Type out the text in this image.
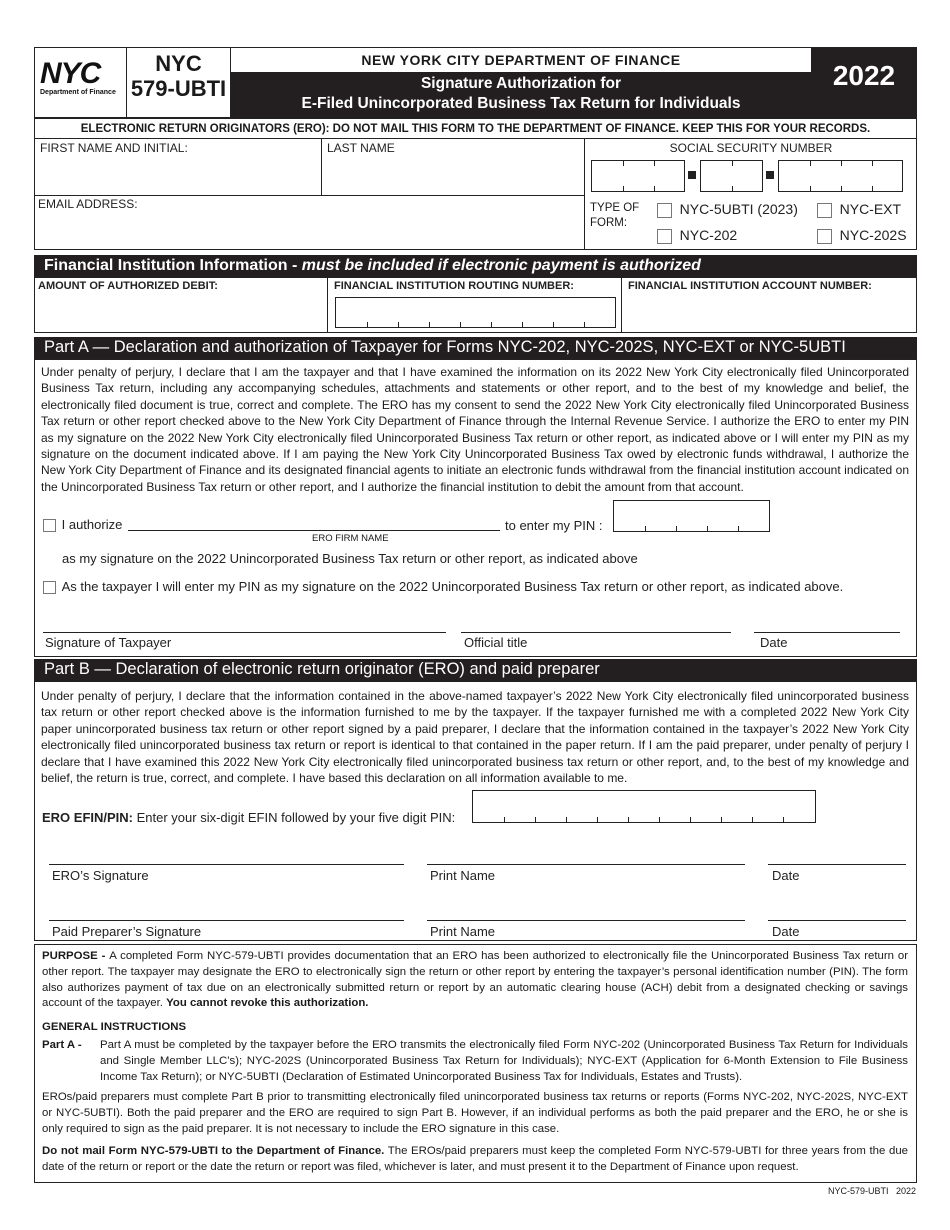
NYC
Department of Finance
NYC
579-UBTI
NEW YORK CITY DEPARTMENT OF FINANCE
Signature Authorization for
E-Filed Unincorporated Business Tax Return for Individuals
2022
ELECTRONIC RETURN ORIGINATORS (ERO): DO NOT MAIL THIS FORM TO THE DEPARTMENT OF FINANCE. KEEP THIS FOR YOUR RECORDS.
FIRST NAME AND INITIAL:	LAST NAME	SOCIAL SECURITY NUMBER
EMAIL ADDRESS:	TYPE OF
FORM:
NYC-5UBTI (2023)	NYC-EXT
NYC-202	NYC-202S
Financial Institution Information - must be included if electronic payment is authorized
AMOUNT OF AUTHORIZED DEBIT:	FINANCIAL INSTITUTION ROUTING NUMBER:	FINANCIAL INSTITUTION ACCOUNT NUMBER:
Part A — Declaration and authorization of Taxpayer for Forms NYC-202, NYC-202S, NYC-EXT or NYC-5UBTI
Under penalty of perjury, I declare that I am the taxpayer and that I have examined the information on its 2022 New York City electronically filed Unincorporated Business Tax return, including any accompanying schedules, attachments and statements or other report, and to the best of my knowledge and belief, the electronically filed document is true, correct and complete. The ERO has my consent to send the 2022 New York City electronically filed Unincorporated Business Tax return or other report checked above to the New York City Department of Finance through the Internal Revenue Service. I authorize the ERO to enter my PIN as my signature on the 2022 New York City electronically filed Unincorporated Business Tax return or other report, as indicated above or I will enter my PIN as my signature on the document indicated above. If I am paying the New York City Unincorporated Business Tax owed by electronic funds withdrawal, I authorize the New York City Department of Finance and its designated financial agents to initiate an electronic funds withdrawal from the financial institution account indicated on the Unincorporated Business Tax return or other report, and I authorize the financial institution to debit the amount from that account.
I authorize
ERO FIRM NAME
to enter my PIN :
as my signature on the 2022 Unincorporated Business Tax return or other report, as indicated above
As the taxpayer I will enter my PIN as my signature on the 2022 Unincorporated Business Tax return or other report, as indicated above.
Signature of Taxpayer	Official title	Date
Part B — Declaration of electronic return originator (ERO) and paid preparer
Under penalty of perjury, I declare that the information contained in the above-named taxpayer’s 2022 New York City electronically filed unincorporated business tax return or other report checked above is the information furnished to me by the taxpayer. If the taxpayer furnished me with a completed 2022 New York City paper unincorporated business tax return or other report signed by a paid preparer, I declare that the information contained in the taxpayer’s 2022 New York City electronically filed unincorporated business tax return or report is identical to that contained in the paper return. If I am the paid preparer, under penalty of perjury I declare that I have examined this 2022 New York City electronically filed unincorporated business tax return or other report, and, to the best of my knowledge and belief, the return is true, correct, and complete. I have based this declaration on all information available to me.
ERO EFIN/PIN: Enter your six-digit EFIN followed by your five digit PIN:
ERO’s Signature	Print Name	Date
Paid Preparer’s Signature	Print Name	Date
PURPOSE - A completed Form NYC-579-UBTI provides documentation that an ERO has been authorized to electronically file the Unincorporated Business Tax return or other report. The taxpayer may designate the ERO to electronically sign the return or other report by entering the taxpayer’s personal identification number (PIN). The form also authorizes payment of tax due on an electronically submitted return or report by an automatic clearing house (ACH) debit from a designated checking or savings account of the taxpayer. You cannot revoke this authorization.
GENERAL INSTRUCTIONS
Part A - Part A must be completed by the taxpayer before the ERO transmits the electronically filed Form NYC-202 (Unincorporated Business Tax Return for Individuals and Single Member LLC’s); NYC-202S (Unincorporated Business Tax Return for Individuals); NYC-EXT (Application for 6-Month Extension to File Business Income Tax Return); or NYC-5UBTI (Declaration of Estimated Unincorporated Business Tax for Individuals, Estates and Trusts).
EROs/paid preparers must complete Part B prior to transmitting electronically filed unincorporated business tax returns or reports (Forms NYC-202, NYC-202S, NYC-EXT or NYC-5UBTI). Both the paid preparer and the ERO are required to sign Part B. However, if an individual performs as both the paid preparer and the ERO, he or she is only required to sign as the paid preparer. It is not necessary to include the ERO signature in this case.
Do not mail Form NYC-579-UBTI to the Department of Finance. The EROs/paid preparers must keep the completed Form NYC-579-UBTI for three years from the due date of the return or report or the date the return or report was filed, whichever is later, and must present it to the Department of Finance upon request.
NYC-579-UBTI   2022
